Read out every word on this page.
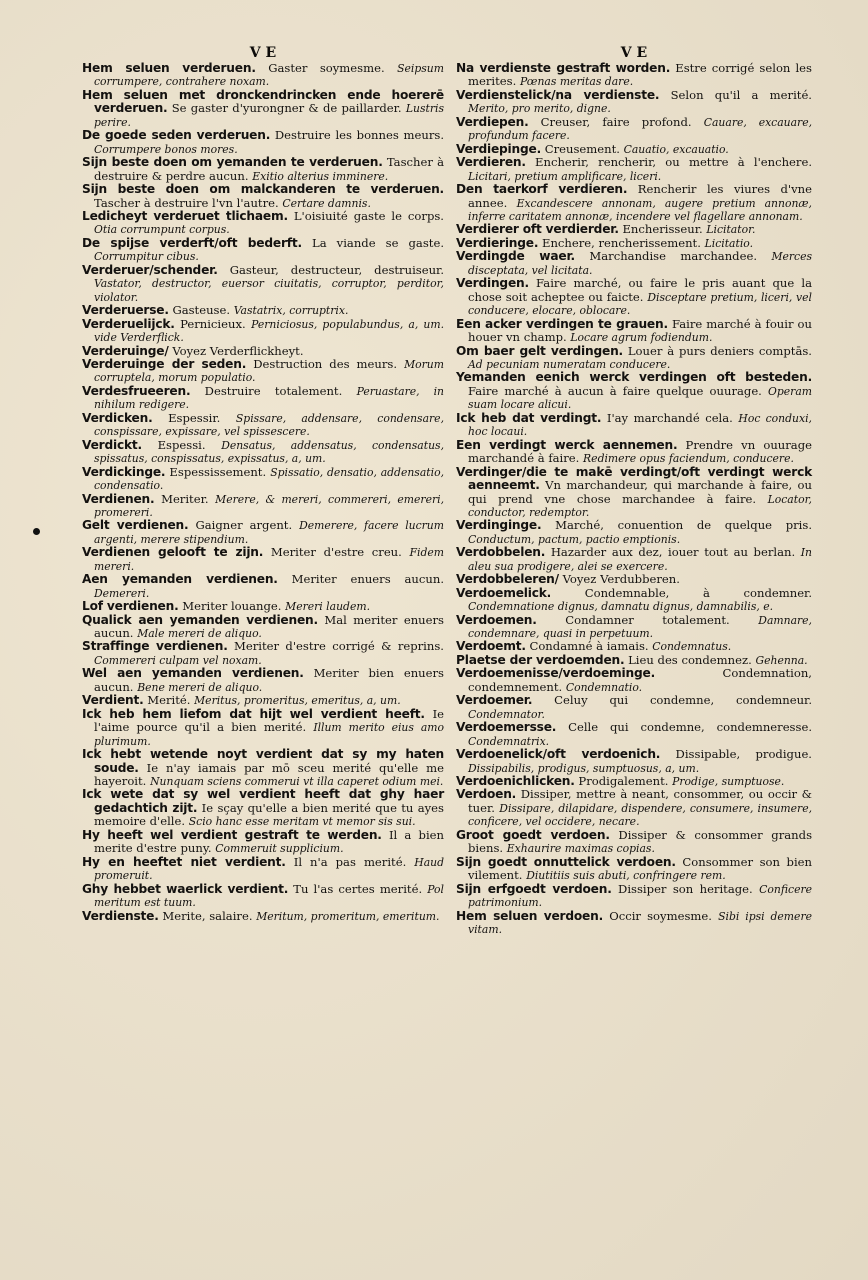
V E

Hem seluen verderuen. Gaster soymesme. Seipsum corrumpere, contrahere noxam.

Hem seluen met dronckendrincken ende hoererē verderuen. Se gaster d'yurongner & de paillarder. Lustris perire.

De goede seden verderuen. Destruire les bonnes meurs. Corrumpere bonos mores.

Sijn beste doen om yemanden te verderuen. Tascher à destruire & perdre aucun. Exitio alterius imminere.

Sijn beste doen om malckanderen te verderuen. Tascher à destruire l'vn l'autre. Certare damnis.

Ledicheyt verderuet tlichaem. L'oisiuité gaste le corps. Otia corrumpunt corpus.

De spijse verderft/oft bederft. La viande se gaste. Corrumpitur cibus.

Verderuer/schender. Gasteur, destructeur, destruiseur. Vastator, destructor, euersor ciuitatis, corruptor, perditor, violator.

Verderuerse. Gasteuse. Vastatrix, corruptrix.

Verderuelijck. Pernicieux. Perniciosus, populabundus, a, um. vide Verderflick.

Verderuinge/ Voyez Verderflickheyt.

Verderuinge der seden. Destruction des meurs. Morum corruptela, morum populatio.

Verdesfrueeren. Destruire totalement. Peruastare, in nihilum redigere.

Verdicken. Espessir. Spissare, addensare, condensare, conspissare, expissare, vel spissescere.

Verdickt. Espessi. Densatus, addensatus, condensatus, spissatus, conspissatus, expissatus, a, um.

Verdickinge. Espessissement. Spissatio, densatio, addensatio, condensatio.

Verdienen. Meriter. Merere, & mereri, commereri, emereri, promereri.

Gelt verdienen. Gaigner argent. Demerere, facere lucrum argenti, merere stipendium.

Verdienen gelooft te zijn. Meriter d'estre creu. Fidem mereri.

Aen yemanden verdienen. Meriter enuers aucun. Demereri.

Lof verdienen. Meriter louange. Mereri laudem.

Qualick aen yemanden verdienen. Mal meriter enuers aucun. Male mereri de aliquo.

Straffinge verdienen. Meriter d'estre corrigé & reprins. Commereri culpam vel noxam.

Wel aen yemanden verdienen. Meriter bien enuers aucun. Bene mereri de aliquo.

Verdient. Merité. Meritus, promeritus, emeritus, a, um.

Ick heb hem liefom dat hijt wel verdient heeft. Ie l'aime pource qu'il a bien merité. Illum merito eius amo plurimum.

Ick hebt wetende noyt verdient dat sy my haten soude. Ie n'ay iamais par mō sceu merité qu'elle me hayeroit. Nunquam sciens commerui vt illa caperet odium mei.

Ick wete dat sy wel verdient heeft dat ghy haer gedachtich zijt. Ie sçay qu'elle a bien merité que tu ayes memoire d'elle. Scio hanc esse meritam vt memor sis sui.

Hy heeft wel verdient gestraft te werden. Il a bien merite d'estre puny. Commeruit supplicium.

Hy en heeftet niet verdient. Il n'a pas merité. Haud promeruit.

Ghy hebbet waerlick verdient. Tu l'as certes merité. Pol meritum est tuum.

Verdienste. Merite, salaire. Meritum, promeritum, emeritum.

V E

Na verdienste gestraft worden. Estre corrigé selon les merites. Pœnas meritas dare.

Verdienstelick/na verdienste. Selon qu'il a merité. Merito, pro merito, digne.

Verdiepen. Creuser, faire profond. Cauare, excauare, profundum facere.

Verdiepinge. Creusement. Cauatio, excauatio.

Verdieren. Encherir, rencherir, ou mettre à l'enchere. Licitari, pretium amplificare, liceri.

Den taerkorf verdieren. Rencherir les viures d'vne annee. Excandescere annonam, augere pretium annonæ, inferre caritatem annonæ, incendere vel flagellare annonam.

Verdierer oft verdierder. Encherisseur. Licitator.

Verdieringe. Enchere, rencherissement. Licitatio.

Verdingde waer. Marchandise marchandee. Merces disceptata, vel licitata.

Verdingen. Faire marché, ou faire le pris auant que la chose soit acheptee ou faicte. Disceptare pretium, liceri, vel conducere, elocare, oblocare.

Een acker verdingen te grauen. Faire marché à fouir ou houer vn champ. Locare agrum fodiendum.

Om baer gelt verdingen. Louer à purs deniers comptās. Ad pecuniam numeratam conducere.

Yemanden eenich werck verdingen oft besteden. Faire marché à aucun à faire quelque ouurage. Operam suam locare alicui.

Ick heb dat verdingt. I'ay marchandé cela. Hoc conduxi, hoc locaui.

Een verdingt werck aennemen. Prendre vn ouurage marchandé à faire. Redimere opus faciendum, conducere.

Verdinger/die te makē verdingt/oft verdingt werck aenneemt. Vn marchandeur, qui marchande à faire, ou qui prend vne chose marchandee à faire. Locator, conductor, redemptor.

Verdinginge. Marché, conuention de quelque pris. Conductum, pactum, pactio emptionis.

Verdobbelen. Hazarder aux dez, iouer tout au berlan. In aleu sua prodigere, alei se exercere.

Verdobbeleren/ Voyez Verdubberen.

Verdoemelick.	Condemnable, à condemner. Condemnatione dignus, damnatu dignus, damnabilis, e.

Verdoemen. Condamner totalement.	Damnare, condemnare, quasi in perpetuum.

Verdoemt. Condamné à iamais. Condemnatus.

Plaetse der verdoemden. Lieu des condemnez. Gehenna.

Verdoemenisse/verdoeminge.	Condemnation, condemnement. Condemnatio.

Verdoemer. Celuy qui condemne, condemneur. Condemnator.

Verdoemersse. Celle qui condemne, condemneresse. Condemnatrix.

Verdoenelick/oft verdoenich. Dissipable, prodigue. Dissipabilis, prodigus, sumptuosus, a, um.

Verdoenichlicken. Prodigalement. Prodige, sumptuose.

Verdoen. Dissiper, mettre à neant, consommer, ou occir & tuer. Dissipare, dilapidare, dispendere, consumere, insumere, conficere, vel occidere, necare.

Groot goedt verdoen. Dissiper & consommer grands biens. Exhaurire maximas copias.

Sijn goedt onnuttelick verdoen. Consommer son bien vilement. Diutitiis suis abuti, confringere rem.

Sijn erfgoedt verdoen. Dissiper son heritage. Conficere patrimonium.

Hem seluen verdoen. Occir soymesme. Sibi ipsi demere vitam.
